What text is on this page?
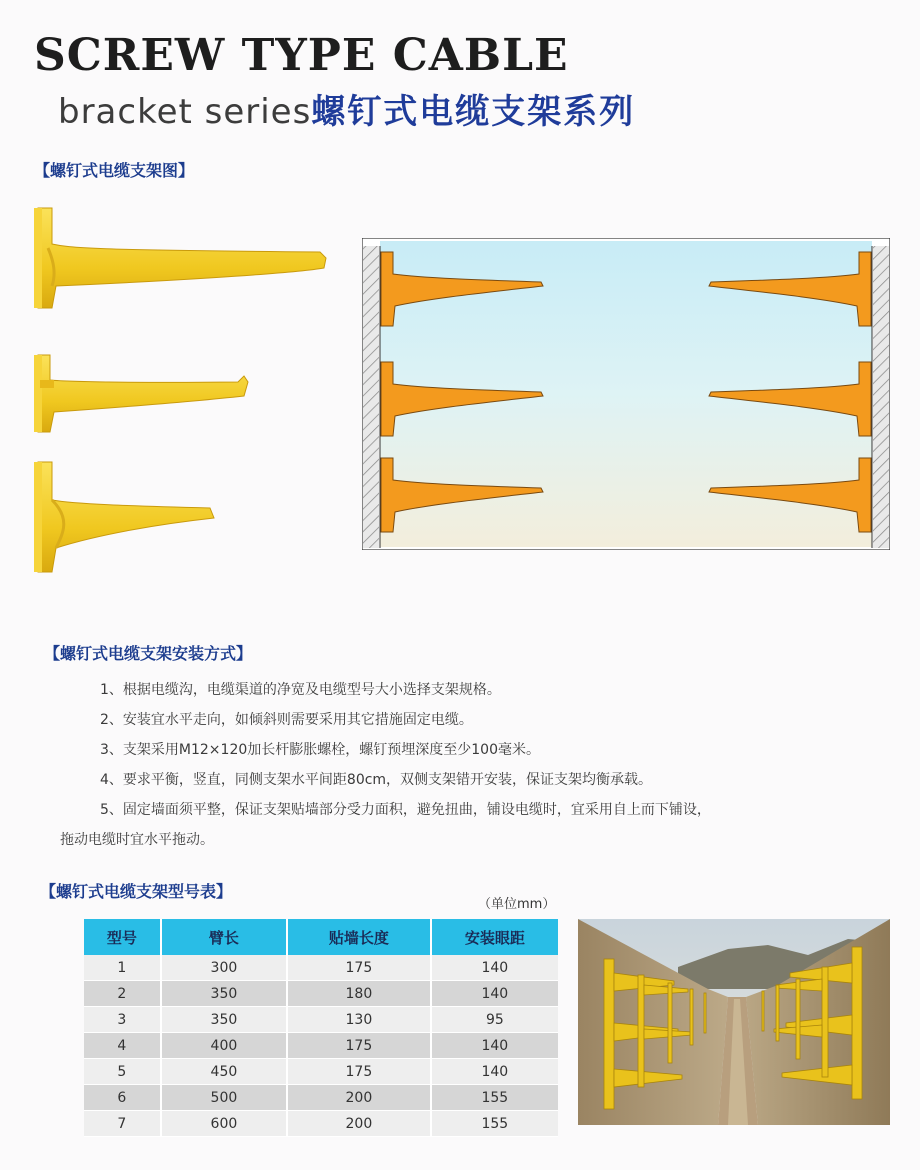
SCREW TYPE CABLE
bracket series螺钉式电缆支架系列
【螺钉式电缆支架图】
【螺钉式电缆支架安装方式】

1、根据电缆沟，电缆渠道的净宽及电缆型号大小选择支架规格。

2、安装宜水平走向，如倾斜则需要采用其它措施固定电缆。

3、支架采用M12×120加长杆膨胀螺栓，螺钉预埋深度至少100毫米。

4、要求平衡，竖直，同侧支架水平间距80cm，双侧支架错开安装，保证支架均衡承载。

5、固定墙面须平整，保证支架贴墙部分受力面积，避免扭曲，铺设电缆时，宜采用自上而下铺设，

拖动电缆时宜水平拖动。

【螺钉式电缆支架型号表】
（单位mm）
型号	臂长	贴墙长度	安装眼距
1	300	175	140
2	350	180	140
3	350	130	95
4	400	175	140
5	450	175	140
6	500	200	155
7	600	200	155
